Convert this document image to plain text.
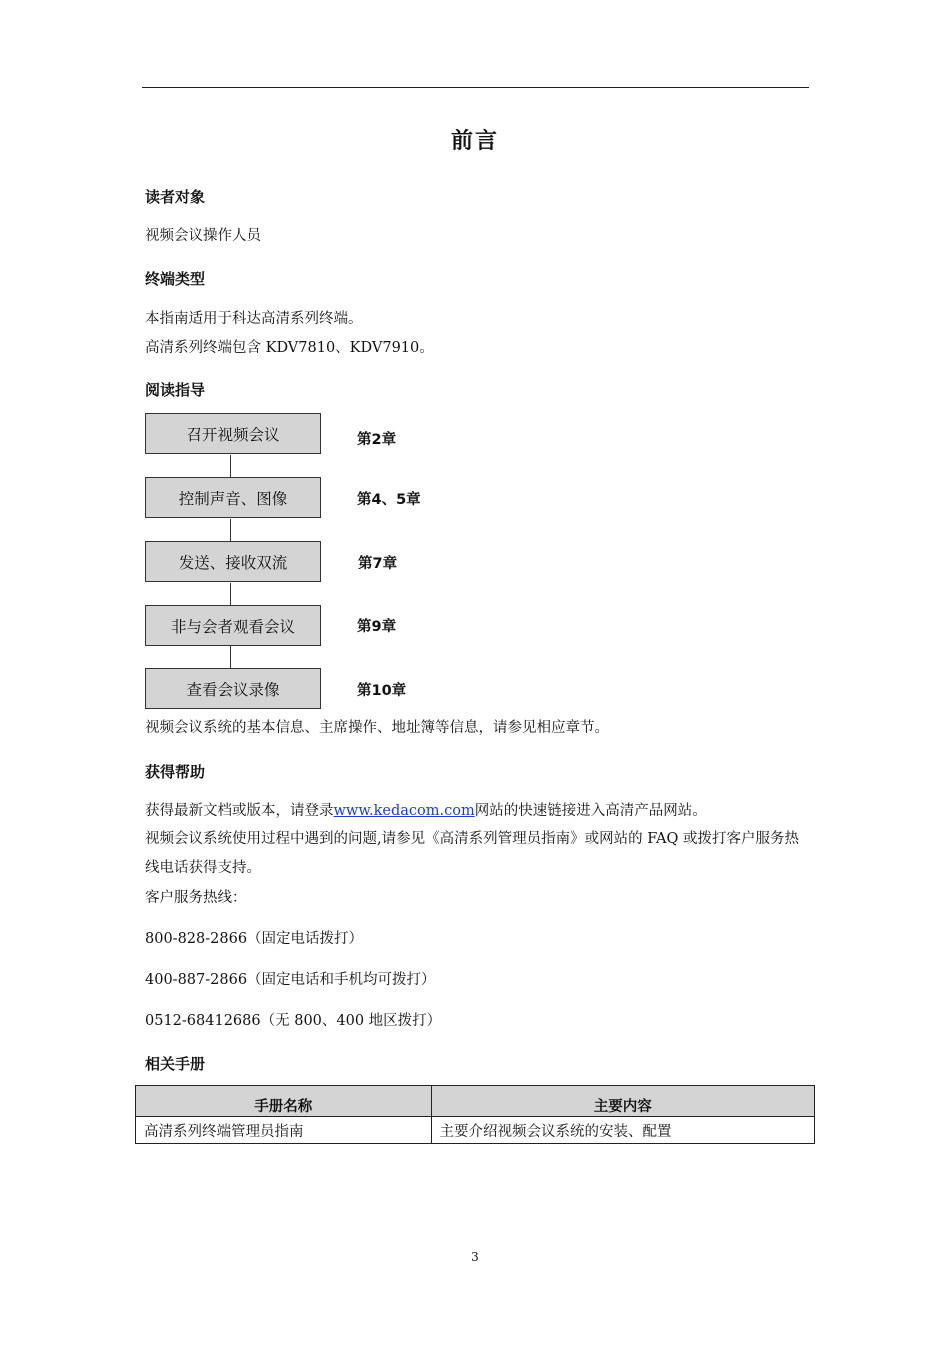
前言
读者对象
视频会议操作人员
终端类型
本指南适用于科达高清系列终端。
高清系列终端包含 KDV7810、KDV7910。
阅读指导
召开视频会议	第2章
控制声音、图像	第4、5章
发送、接收双流	第7章
非与会者观看会议	第9章
查看会议录像	第10章
视频会议系统的基本信息、主席操作、地址簿等信息，请参见相应章节。
获得帮助
获得最新文档或版本，请登录www.kedacom.com网站的快速链接进入高清产品网站。
视频会议系统使用过程中遇到的问题,请参见《高清系列管理员指南》或网站的 FAQ 或拨打客户服务热线电话获得支持。
客户服务热线：
800-828-2866（固定电话拨打）
400-887-2866（固定电话和手机均可拨打）
0512-68412686（无 800、400 地区拨打）
相关手册
手册名称	主要内容
高清系列终端管理员指南	主要介绍视频会议系统的安装、配置
3
